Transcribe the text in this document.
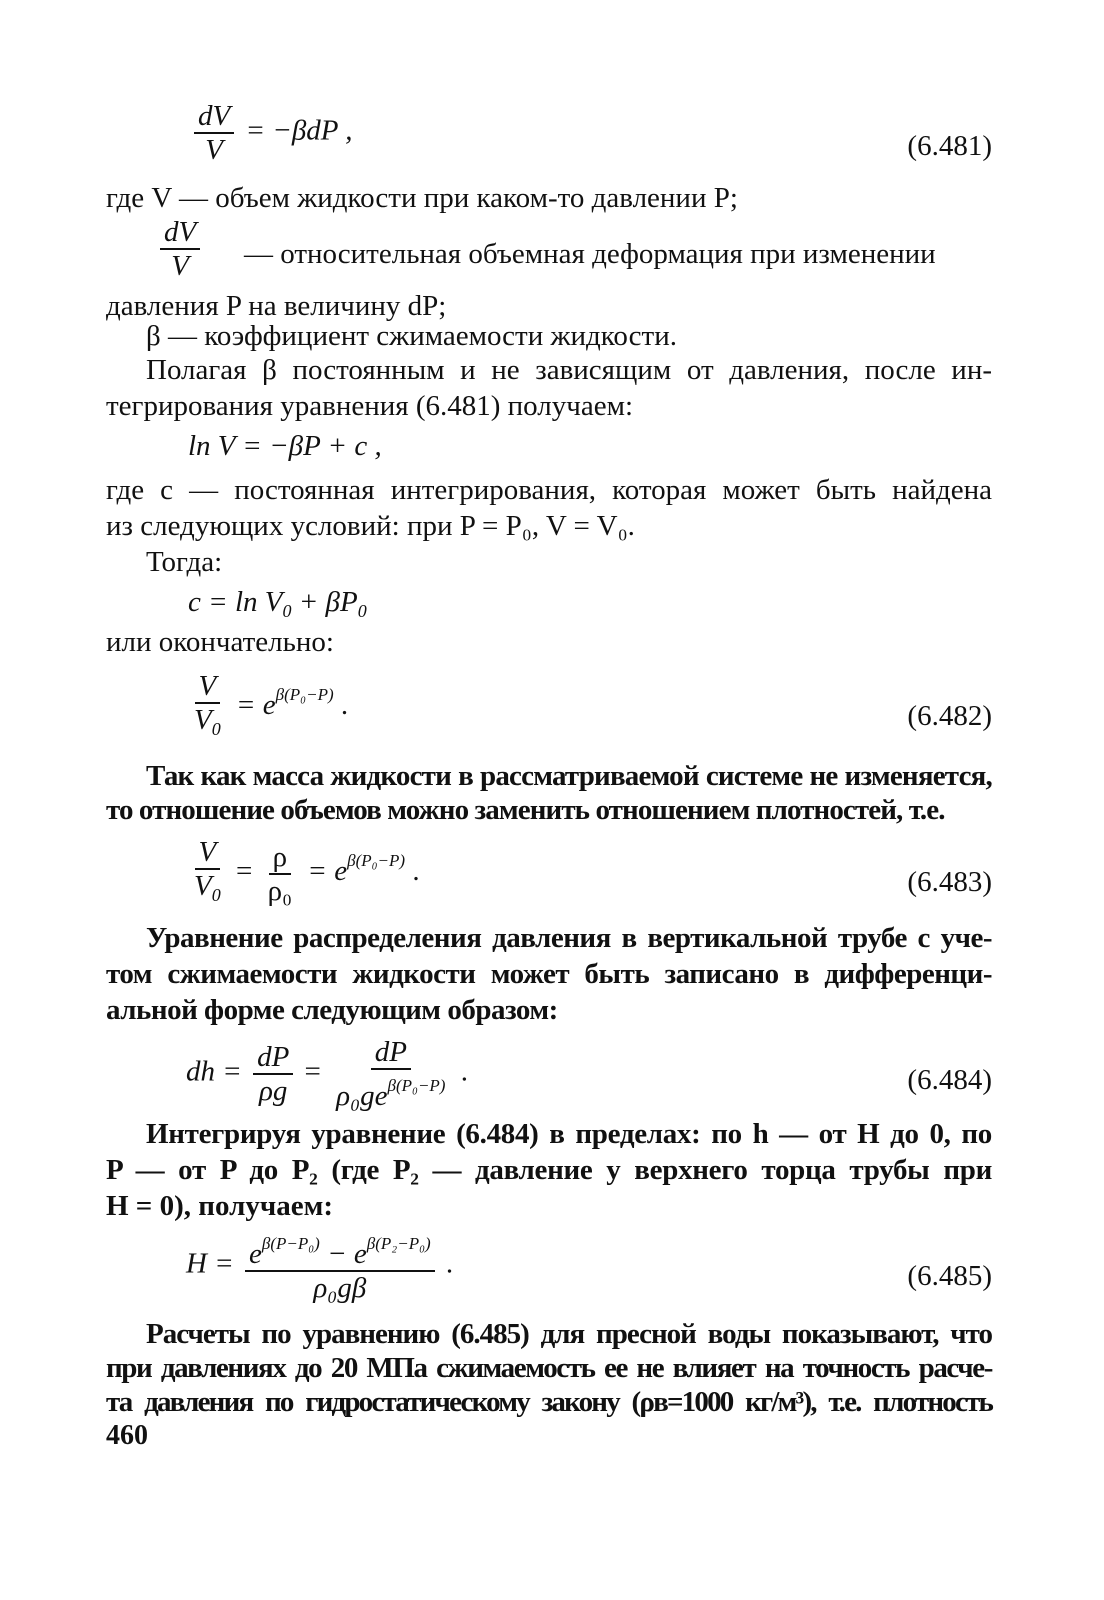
$\frac{dV}{V} = -\beta dP$ ,	(6.481)
где V — объем жидкости при каком-то давлении P;
$\frac{dV}{V}$ — относительная объемная деформация при изменении
давления P на величину dP;
β — коэффициент сжимаемости жидкости.
Полагая β постоянным и не зависящим от давления, после ин-
тегрирования уравнения (6.481) получаем:
ln V = −βP + c ,
где c — постоянная интегрирования, которая может быть найдена
из следующих условий: при P = P₀, V = V₀.
Тогда:
$c = \ln V_0 + \beta P_0$
или окончательно:
$\frac{V}{V_0} = e^{\beta(P_0-P)}$ .	(6.482)
Так как масса жидкости в рассматриваемой системе не изменяется,
то отношение объемов можно заменить отношением плотностей, т.е.
$\frac{V}{V_0} = \frac{\rho}{\text{ρ₀}} = e^{\beta(P_0-P)}$ .	(6.483)
Уравнение распределения давления в вертикальной трубе с уче-
том сжимаемости жидкости может быть записано в дифференци-
альной форме следующим образом:
dh = $\frac{dP}{\rho g} = \frac{dP}{\rho_0ge^{\beta(P_0-P)}}$ .	(6.484)
Интегрируя уравнение (6.484) в пределах: по h — от H до 0, по
P — от P до P₂ (где P₂ — давление у верхнего торца трубы при
H = 0), получаем:
$H = \frac{e^{\beta(P-P_0)} - e^{\beta(P_2-P_0)}}{\text{ρ₀gβ}}$ .	(6.485)
Расчеты по уравнению (6.485) для пресной воды показывают, что
при давлениях до 20 МПа сжимаемость ее не влияет на точность расче-
та давления по гидростатическому закону (ρв=1000 кг/м³), т.е. плотность
460
